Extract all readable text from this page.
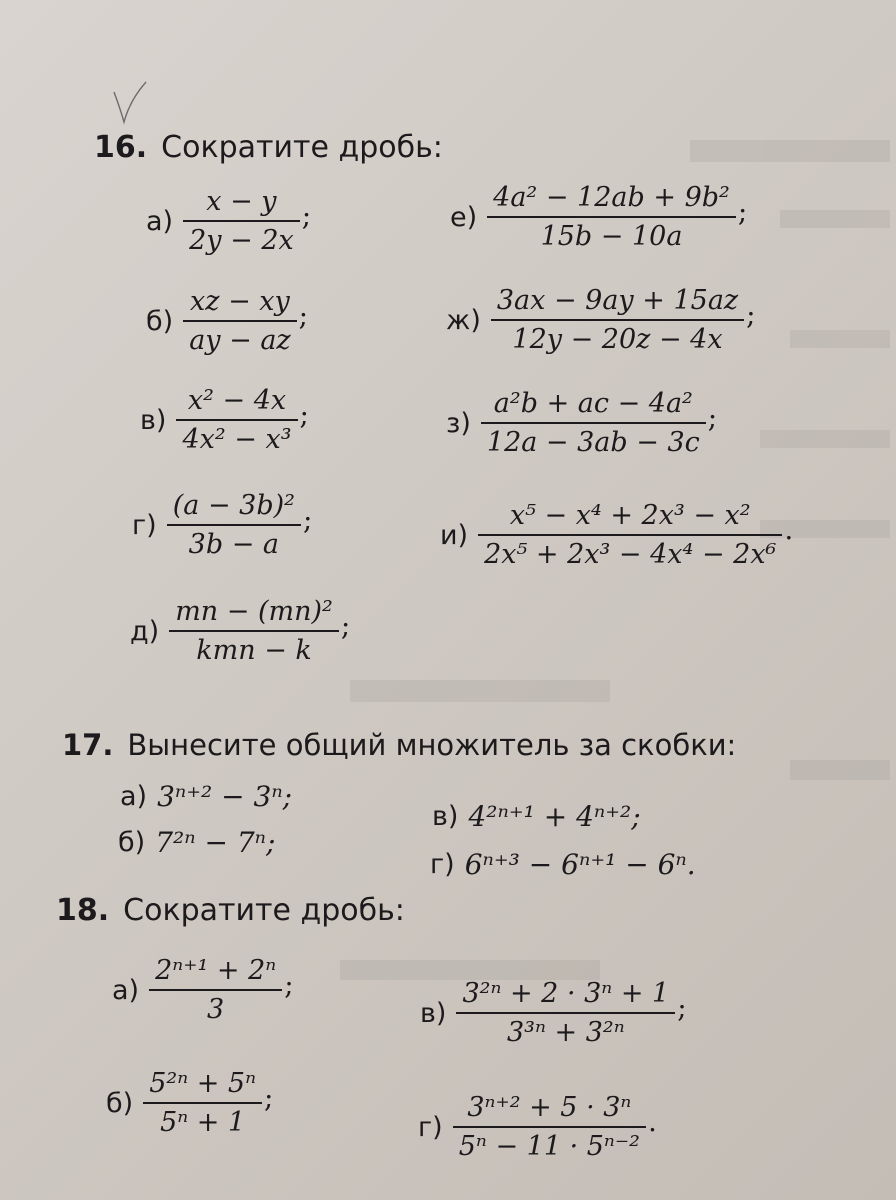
16. Сократите дробь:
$а) \frac{x - y}{2y - 2x}$ ;
$б) \frac{xz - xy}{ay - az}$ ;
$в) \frac{\text{x² − 4x}}{\text{4x² − x³}}$ ;
$г) \frac{\text{(a − 3b)²}}{3b - a}$ ;
$д) \frac{\text{mn − (mn)²}}{\text{kmn − k}}$ ;
$е) \frac{\text{4a² − 12ab + 9b²}}{15b - 10a}$ ;
$ж) \frac{3ax - 9ay + 15az}{12y - 20z - 4x}$ ;
$з) \frac{\text{a²b + ac − 4a²}}{12a - 3ab - 3c}$ ;
$и) \frac{\text{x⁵ − x⁴ + 2x³ − x²}}{\text{2x⁵ + 2x³ − 4x⁴ − 2x⁶}}$ .
17. Вынесите общий множитель за скобки:
а) 3ⁿ⁺² − 3ⁿ;
б) 7²ⁿ − 7ⁿ;
в) 4²ⁿ⁺¹ + 4ⁿ⁺²;
г) 6ⁿ⁺³ − 6ⁿ⁺¹ − 6ⁿ.
18. Сократите дробь:
$а) \frac{\text{2ⁿ⁺¹ + 2ⁿ}}{3}$ ;
$б) \frac{\text{5²ⁿ + 5ⁿ}}{\text{5ⁿ + 1}}$ ;
$в) \frac{\text{3²ⁿ + 2 · 3ⁿ + 1}}{\text{3³ⁿ + 3²ⁿ}}$ ;
$г) \frac{\text{3ⁿ⁺² + 5 · 3ⁿ}}{\text{5ⁿ − 11 · 5ⁿ⁻²}}$ .
